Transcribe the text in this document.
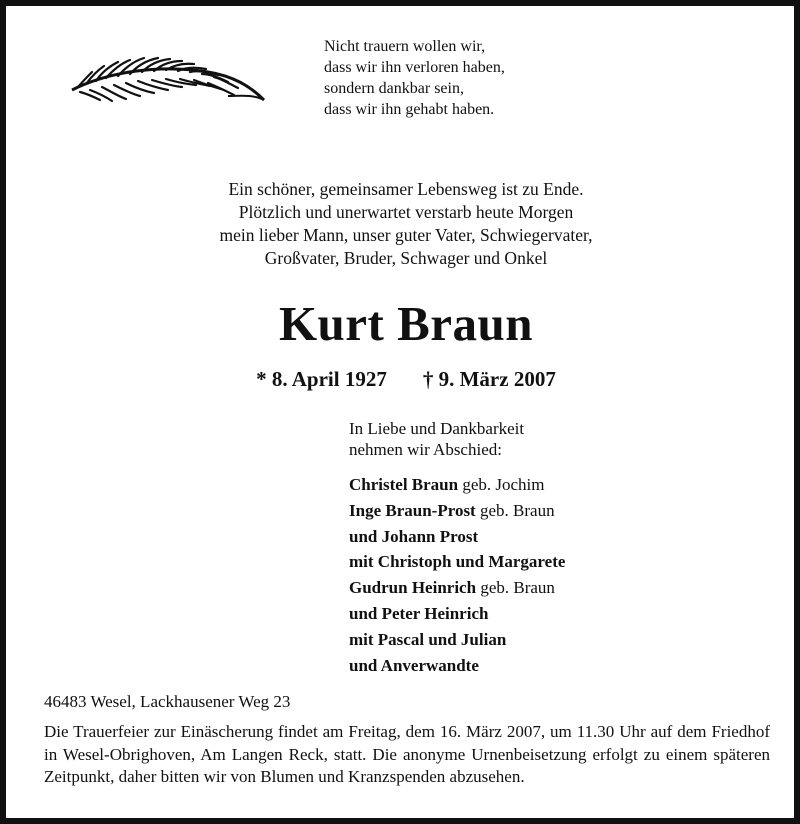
Nicht trauern wollen wir,
dass wir ihn verloren haben,
sondern dankbar sein,
dass wir ihn gehabt haben.
Ein schöner, gemeinsamer Lebensweg ist zu Ende.
Plötzlich und unerwartet verstarb heute Morgen
mein lieber Mann, unser guter Vater, Schwiegervater,
Großvater, Bruder, Schwager und Onkel
Kurt Braun
* 8. April 1927 † 9. März 2007
In Liebe und Dankbarkeit
nehmen wir Abschied:
Christel Braun geb. Jochim
Inge Braun-Prost geb. Braun
und Johann Prost
mit Christoph und Margarete
Gudrun Heinrich geb. Braun
und Peter Heinrich
mit Pascal und Julian
und Anverwandte
46483 Wesel, Lackhausener Weg 23
Die Trauerfeier zur Einäscherung findet am Freitag, dem 16. März 2007, um 11.30 Uhr auf dem Friedhof in Wesel-Obrighoven, Am Langen Reck, statt. Die anonyme Urnenbeisetzung erfolgt zu einem späteren Zeitpunkt, daher bitten wir von Blumen und Kranzspenden abzusehen.
